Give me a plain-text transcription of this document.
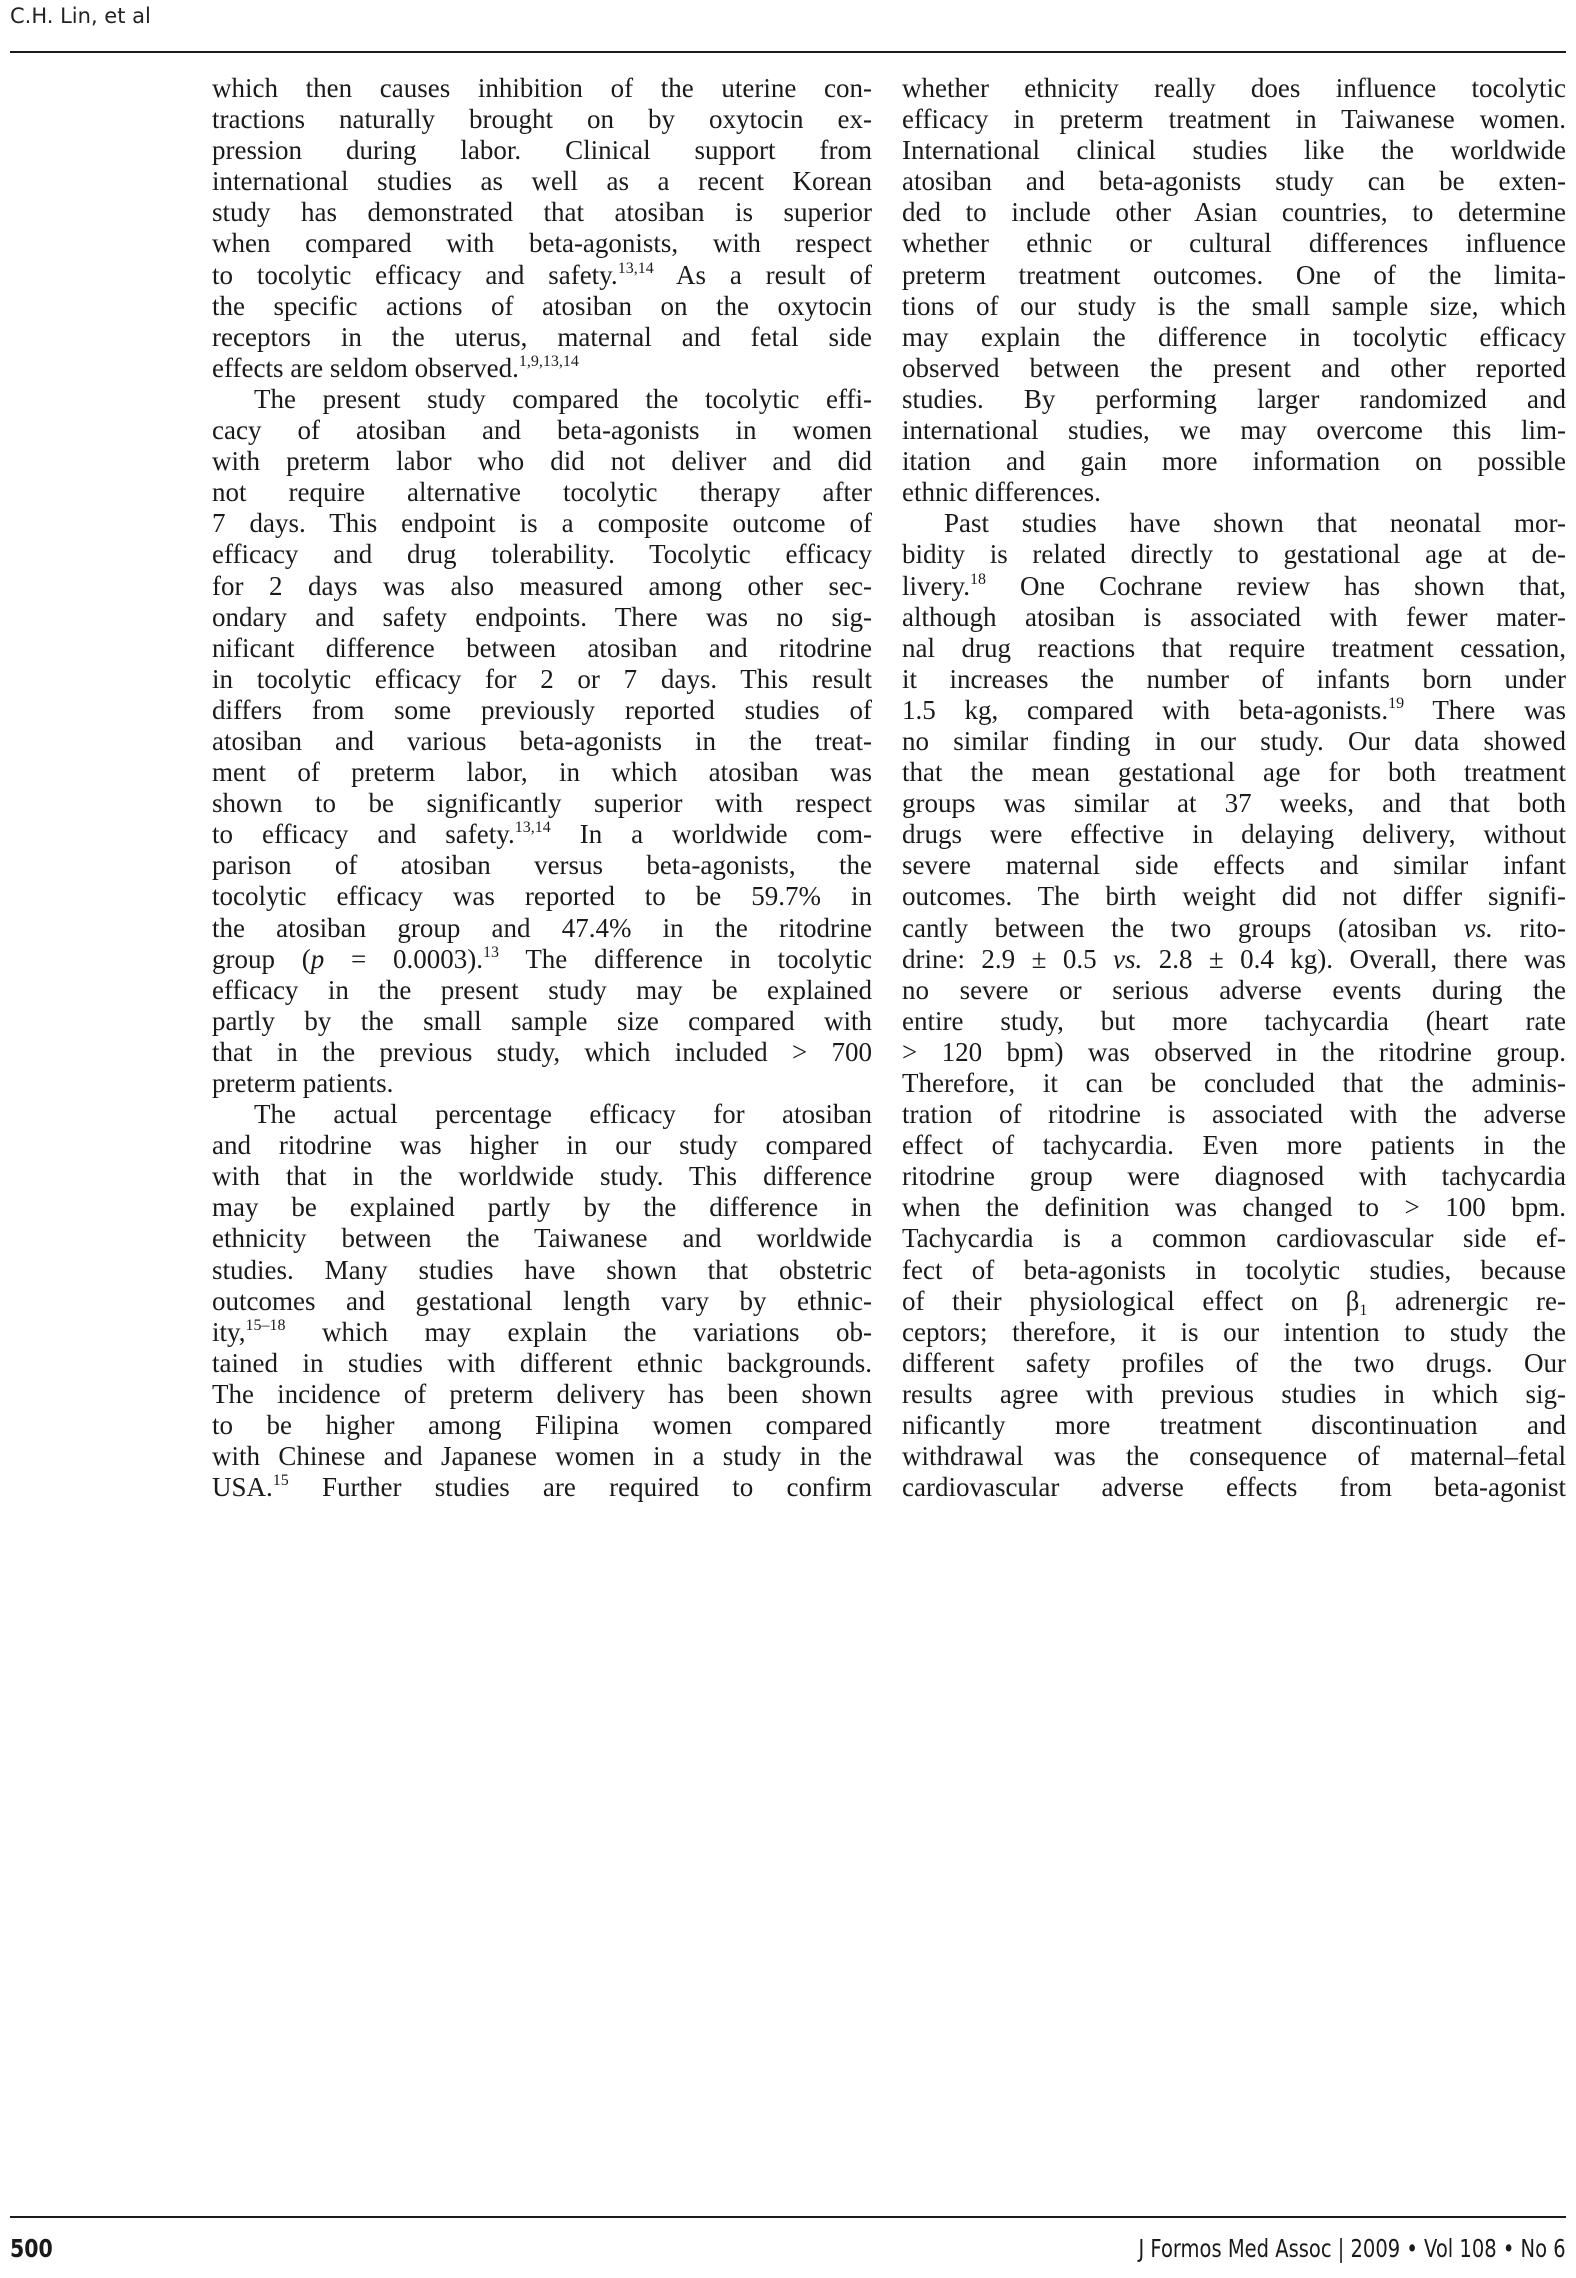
C.H. Lin, et al
which then causes inhibition of the uterine con-
tractions naturally brought on by oxytocin ex-
pression during labor. Clinical support from
international studies as well as a recent Korean
study has demonstrated that atosiban is superior
when compared with beta-agonists, with respect
to tocolytic efficacy and safety.$^{13,14}$ As a result of
the specific actions of atosiban on the oxytocin
receptors in the uterus, maternal and fetal side
effects are seldom observed.$^{1,9,13,14}$
The present study compared the tocolytic effi-
cacy of atosiban and beta-agonists in women
with preterm labor who did not deliver and did
not require alternative tocolytic therapy after
7 days. This endpoint is a composite outcome of
efficacy and drug tolerability. Tocolytic efficacy
for 2 days was also measured among other sec-
ondary and safety endpoints. There was no sig-
nificant difference between atosiban and ritodrine
in tocolytic efficacy for 2 or 7 days. This result
differs from some previously reported studies of
atosiban and various beta-agonists in the treat-
ment of preterm labor, in which atosiban was
shown to be significantly superior with respect
to efficacy and safety.$^{13,14}$ In a worldwide com-
parison of atosiban versus beta-agonists, the
tocolytic efficacy was reported to be 59.7% in
the atosiban group and 47.4% in the ritodrine
group (p = 0.0003).$^{13}$ The difference in tocolytic
efficacy in the present study may be explained
partly by the small sample size compared with
that in the previous study, which included > 700
preterm patients.
The actual percentage efficacy for atosiban
and ritodrine was higher in our study compared
with that in the worldwide study. This difference
may be explained partly by the difference in
ethnicity between the Taiwanese and worldwide
studies. Many studies have shown that obstetric
outcomes and gestational length vary by ethnic-
ity,$^{15-18}$ which may explain the variations ob-
tained in studies with different ethnic backgrounds.
The incidence of preterm delivery has been shown
to be higher among Filipina women compared
with Chinese and Japanese women in a study in the
USA.$^{15}$ Further studies are required to confirm
whether ethnicity really does influence tocolytic
efficacy in preterm treatment in Taiwanese women.
International clinical studies like the worldwide
atosiban and beta-agonists study can be exten-
ded to include other Asian countries, to determine
whether ethnic or cultural differences influence
preterm treatment outcomes. One of the limita-
tions of our study is the small sample size, which
may explain the difference in tocolytic efficacy
observed between the present and other reported
studies. By performing larger randomized and
international studies, we may overcome this lim-
itation and gain more information on possible
ethnic differences.
Past studies have shown that neonatal mor-
bidity is related directly to gestational age at de-
livery.$^{18}$ One Cochrane review has shown that,
although atosiban is associated with fewer mater-
nal drug reactions that require treatment cessation,
it increases the number of infants born under
1.5 kg, compared with beta-agonists.$^{19}$ There was
no similar finding in our study. Our data showed
that the mean gestational age for both treatment
groups was similar at 37 weeks, and that both
drugs were effective in delaying delivery, without
severe maternal side effects and similar infant
outcomes. The birth weight did not differ signifi-
cantly between the two groups (atosiban vs. rito-
drine: 2.9 ± 0.5 vs. 2.8 ± 0.4 kg). Overall, there was
no severe or serious adverse events during the
entire study, but more tachycardia (heart rate
> 120 bpm) was observed in the ritodrine group.
Therefore, it can be concluded that the adminis-
tration of ritodrine is associated with the adverse
effect of tachycardia. Even more patients in the
ritodrine group were diagnosed with tachycardia
when the definition was changed to > 100 bpm.
Tachycardia is a common cardiovascular side ef-
fect of beta-agonists in tocolytic studies, because
of their physiological effect on $\beta_1$ adrenergic re-
ceptors; therefore, it is our intention to study the
different safety profiles of the two drugs. Our
results agree with previous studies in which sig-
nificantly more treatment discontinuation and
withdrawal was the consequence of maternal–fetal
cardiovascular adverse effects from beta-agonist
500	J Formos Med Assoc | 2009 • Vol 108 • No 6
